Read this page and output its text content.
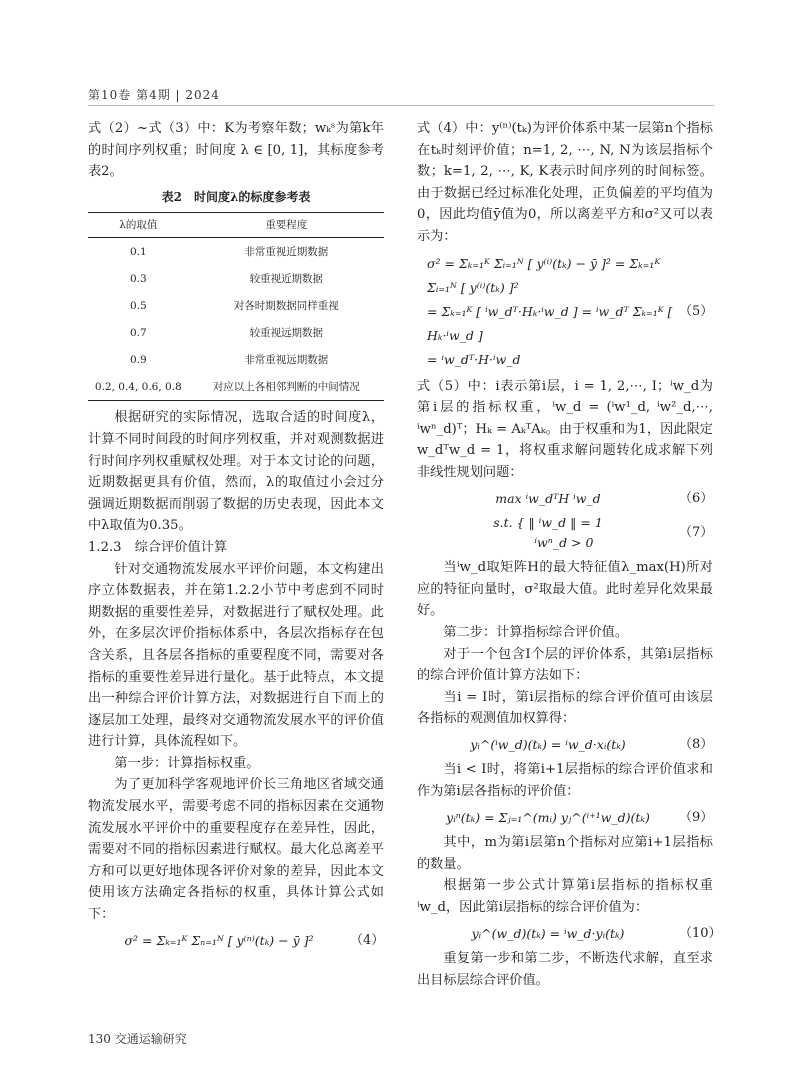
第10卷 第4期 | 2024

式（2）~式（3）中：K为考察年数；wₖˢ为第k年的时间序列权重；时间度 λ ∈ [0, 1]，其标度参考表2。

表2　时间度λ的标度参考表
λ的取值	重要程度
0.1	非常重视近期数据
0.3	较重视近期数据
0.5	对各时期数据同样重视
0.7	较重视远期数据
0.9	非常重视远期数据
0.2, 0.4, 0.6, 0.8	对应以上各相邻判断的中间情况

根据研究的实际情况，选取合适的时间度λ，计算不同时间段的时间序列权重，并对观测数据进行时间序列权重赋权处理。对于本文讨论的问题，近期数据更具有价值，然而，λ的取值过小会过分强调近期数据而削弱了数据的历史表现，因此本文中λ取值为0.35。

1.2.3　综合评价值计算

针对交通物流发展水平评价问题，本文构建出序立体数据表，并在第1.2.2小节中考虑到不同时期数据的重要性差异，对数据进行了赋权处理。此外，在多层次评价指标体系中，各层次指标存在包含关系，且各层各指标的重要程度不同，需要对各指标的重要性差异进行量化。基于此特点，本文提出一种综合评价计算方法，对数据进行自下而上的逐层加工处理，最终对交通物流发展水平的评价值进行计算，具体流程如下。

第一步：计算指标权重。

为了更加科学客观地评价长三角地区省域交通物流发展水平，需要考虑不同的指标因素在交通物流发展水平评价中的重要程度存在差异性，因此，需要对不同的指标因素进行赋权。最大化总离差平方和可以更好地体现各评价对象的差异，因此本文使用该方法确定各指标的权重，具体计算公式如下：

σ² = Σₖ₌₁ᴷ Σₙ₌₁ᴺ [ y⁽ⁿ⁾(tₖ) − ȳ ]²	（4）

式（4）中：y⁽ⁿ⁾(tₖ)为评价体系中某一层第n个指标在tₖ时刻评价值；n=1, 2, ⋯, N, N为该层指标个数；k=1, 2, ⋯, K, K表示时间序列的时间标签。由于数据已经过标准化处理，正负偏差的平均值为0，因此均值ȳ值为0，所以离差平方和σ²又可以表示为：

σ² = Σₖ₌₁ᴷ Σᵢ₌₁ᴺ [ y⁽ⁱ⁾(tₖ) − ȳ ]² = Σₖ₌₁ᴷ Σᵢ₌₁ᴺ [ y⁽ⁱ⁾(tₖ) ]²
= Σₖ₌₁ᴷ [ ⁱw_dᵀ·Hₖ·ⁱw_d ] = ⁱw_dᵀ Σₖ₌₁ᴷ [ Hₖ·ⁱw_d ]
= ⁱw_dᵀ·H·ⁱw_d
（5）

式（5）中：i表示第i层，i = 1, 2,⋯, I；ⁱw_d为第i层的指标权重，ⁱw_d = (ⁱw¹_d, ⁱw²_d,⋯, ⁱwⁿ_d)ᵀ；Hₖ = AₖᵀAₖ。由于权重和为1，因此限定w_dᵀw_d = 1，将权重求解问题转化成求解下列非线性规划问题：

max ⁱw_dᵀH ⁱw_d	（6）
s.t. { ‖ ⁱw_d ‖ = 1
ⁱwⁿ_d > 0
（7）

当ⁱw_d取矩阵H的最大特征值λ_max(H)所对应的特征向量时，σ²取最大值。此时差异化效果最好。

第二步：计算指标综合评价值。

对于一个包含I个层的评价体系，其第i层指标的综合评价值计算方法如下：

当i = I时，第i层指标的综合评价值可由该层各指标的观测值加权算得：

yᵢ^(ⁱw_d)(tₖ) = ⁱw_d·xᵢ(tₖ)	（8）

当i < I时，将第i+1层指标的综合评价值求和作为第i层各指标的评价值：

yᵢⁿ(tₖ) = Σⱼ₌₁^(mᵢ) yⱼ^(ⁱ⁺¹w_d)(tₖ)	（9）

其中，m为第i层第n个指标对应第i+1层指标的数量。

根据第一步公式计算第i层指标的指标权重ⁱw_d，因此第i层指标的综合评价值为：

yᵢ^(w_d)(tₖ) = ⁱw_d·yᵢ(tₖ)	（10）

重复第一步和第二步，不断迭代求解，直至求出目标层综合评价值。

130 交通运输研究
